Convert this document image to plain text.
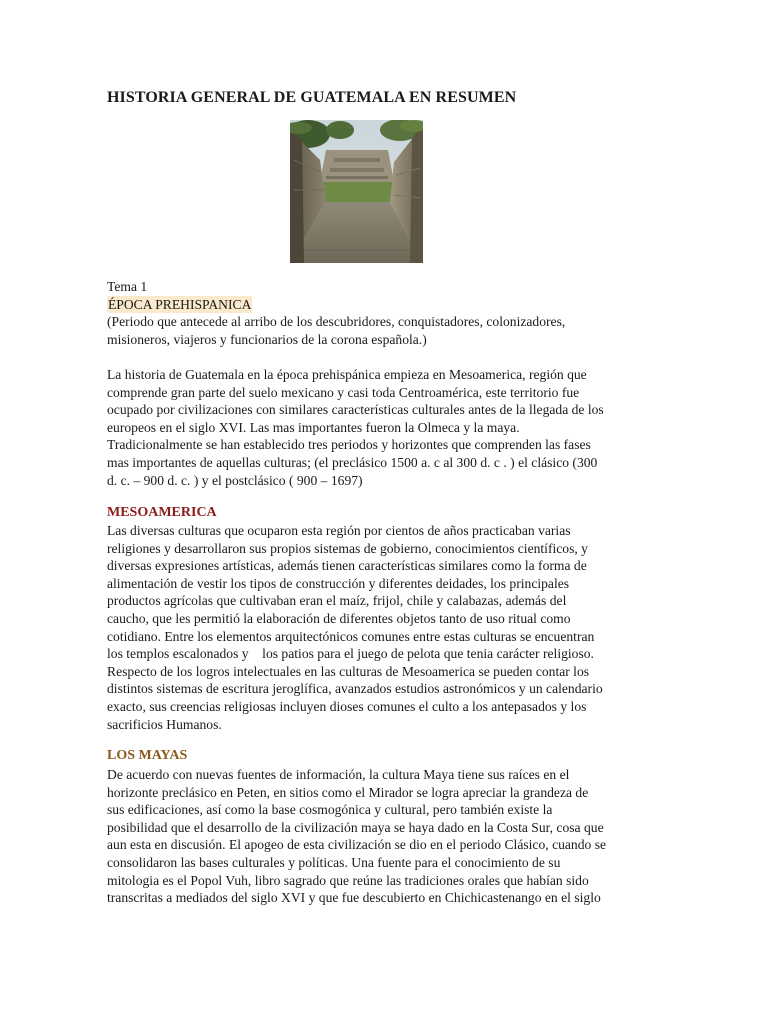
HISTORIA GENERAL DE GUATEMALA EN RESUMEN
Tema 1
ÉPOCA PREHISPANICA
(Periodo que antecede al arribo de los descubridores, conquistadores, colonizadores,
misioneros, viajeros y funcionarios de la corona española.)
La historia de Guatemala en la época prehispánica empieza en Mesoamerica, región que
comprende gran parte del suelo mexicano y casi toda Centroamérica, este territorio fue
ocupado por civilizaciones con similares características culturales antes de la llegada de los
europeos en el siglo XVI. Las mas importantes fueron la Olmeca y la maya.
Tradicionalmente se han establecido tres periodos y horizontes que comprenden las fases
mas importantes de aquellas culturas; (el preclásico 1500 a. c al 300 d. c . ) el clásico (300
d. c. – 900 d. c. ) y el postclásico ( 900 – 1697)
MESOAMERICA
Las diversas culturas que ocuparon esta región por cientos de años practicaban varias
religiones y desarrollaron sus propios sistemas de gobierno, conocimientos científicos, y
diversas expresiones artísticas, además tienen características similares como la forma de
alimentación de vestir los tipos de construcción y diferentes deidades, los principales
productos agrícolas que cultivaban eran el maíz, frijol, chile y calabazas, además del
caucho, que les permitió la elaboración de diferentes objetos tanto de uso ritual como
cotidiano. Entre los elementos arquitectónicos comunes entre estas culturas se encuentran
los templos escalonados y    los patios para el juego de pelota que tenia carácter religioso.
Respecto de los logros intelectuales en las culturas de Mesoamerica se pueden contar los
distintos sistemas de escritura jeroglífica, avanzados estudios astronómicos y un calendario
exacto, sus creencias religiosas incluyen dioses comunes el culto a los antepasados y los
sacrificios Humanos.
LOS MAYAS
De acuerdo con nuevas fuentes de información, la cultura Maya tiene sus raíces en el
horizonte preclásico en Peten, en sitios como el Mirador se logra apreciar la grandeza de
sus edificaciones, así como la base cosmogónica y cultural, pero también existe la
posibilidad que el desarrollo de la civilización maya se haya dado en la Costa Sur, cosa que
aun esta en discusión. El apogeo de esta civilización se dio en el periodo Clásico, cuando se
consolidaron las bases culturales y políticas. Una fuente para el conocimiento de su
mitologia es el Popol Vuh, libro sagrado que reúne las tradiciones orales que habían sido
transcritas a mediados del siglo XVI y que fue descubierto en Chichicastenango en el siglo
